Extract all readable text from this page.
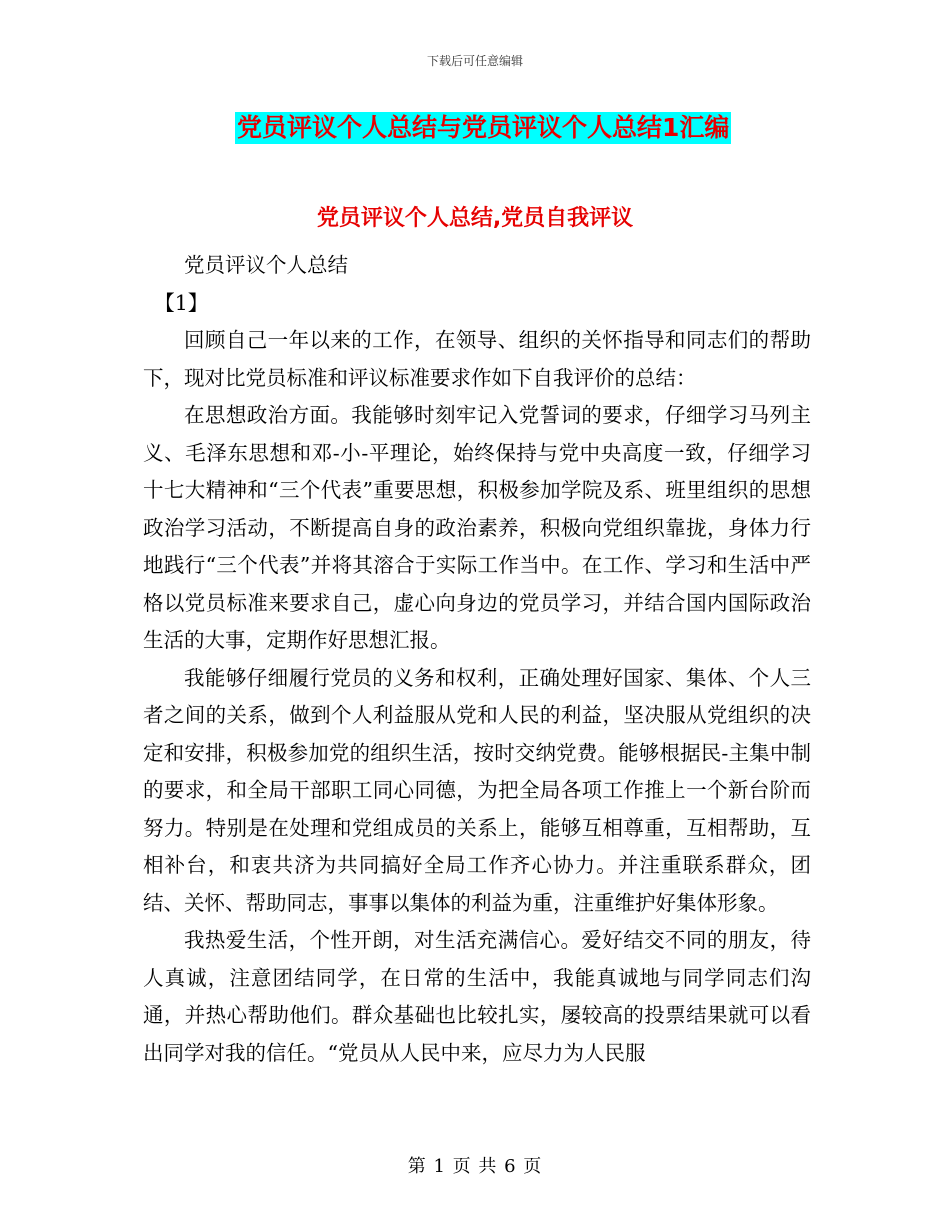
下载后可任意编辑
党员评议个人总结与党员评议个人总结1汇编
党员评议个人总结,党员自我评议

党员评议个人总结

【1】

回顾自己一年以来的工作，在领导、组织的关怀指导和同志们的帮助下，现对比党员标准和评议标准要求作如下自我评价的总结：

在思想政治方面。我能够时刻牢记入党誓词的要求，仔细学习马列主义、毛泽东思想和邓-小-平理论，始终保持与党中央高度一致，仔细学习十七大精神和“三个代表”重要思想，积极参加学院及系、班里组织的思想政治学习活动，不断提高自身的政治素养，积极向党组织靠拢，身体力行地践行“三个代表”并将其溶合于实际工作当中。在工作、学习和生活中严格以党员标准来要求自己，虚心向身边的党员学习，并结合国内国际政治生活的大事，定期作好思想汇报。

我能够仔细履行党员的义务和权利，正确处理好国家、集体、个人三者之间的关系，做到个人利益服从党和人民的利益，坚决服从党组织的决定和安排，积极参加党的组织生活，按时交纳党费。能够根据民-主集中制的要求，和全局干部职工同心同德，为把全局各项工作推上一个新台阶而努力。特别是在处理和党组成员的关系上，能够互相尊重，互相帮助，互相补台，和衷共济为共同搞好全局工作齐心协力。并注重联系群众，团结、关怀、帮助同志，事事以集体的利益为重，注重维护好集体形象。

我热爱生活，个性开朗，对生活充满信心。爱好结交不同的朋友，待人真诚，注意团结同学，在日常的生活中，我能真诚地与同学同志们沟通，并热心帮助他们。群众基础也比较扎实，屡较高的投票结果就可以看出同学对我的信任。“党员从人民中来，应尽力为人民服

第 1 页 共 6 页
